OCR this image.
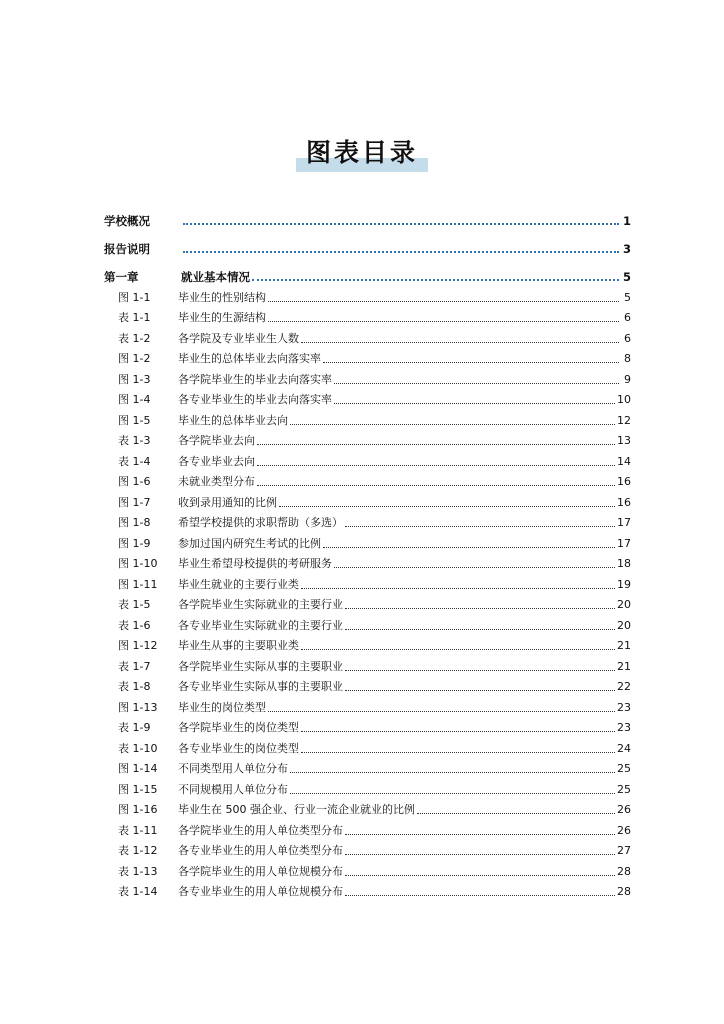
图表目录
学校概况	1
报告说明	3
第一章	就业基本情况	5
图 1-1	毕业生的性别结构	5
表 1-1	毕业生的生源结构	6
表 1-2	各学院及专业毕业生人数	6
图 1-2	毕业生的总体毕业去向落实率	8
图 1-3	各学院毕业生的毕业去向落实率	9
图 1-4	各专业毕业生的毕业去向落实率	10
图 1-5	毕业生的总体毕业去向	12
表 1-3	各学院毕业去向	13
表 1-4	各专业毕业去向	14
图 1-6	未就业类型分布	16
图 1-7	收到录用通知的比例	16
图 1-8	希望学校提供的求职帮助（多选）	17
图 1-9	参加过国内研究生考试的比例	17
图 1-10	毕业生希望母校提供的考研服务	18
图 1-11	毕业生就业的主要行业类	19
表 1-5	各学院毕业生实际就业的主要行业	20
表 1-6	各专业毕业生实际就业的主要行业	20
图 1-12	毕业生从事的主要职业类	21
表 1-7	各学院毕业生实际从事的主要职业	21
表 1-8	各专业毕业生实际从事的主要职业	22
图 1-13	毕业生的岗位类型	23
表 1-9	各学院毕业生的岗位类型	23
表 1-10	各专业毕业生的岗位类型	24
图 1-14	不同类型用人单位分布	25
图 1-15	不同规模用人单位分布	25
图 1-16	毕业生在 500 强企业、行业一流企业就业的比例	26
表 1-11	各学院毕业生的用人单位类型分布	26
表 1-12	各专业毕业生的用人单位类型分布	27
表 1-13	各学院毕业生的用人单位规模分布	28
表 1-14	各专业毕业生的用人单位规模分布	28
